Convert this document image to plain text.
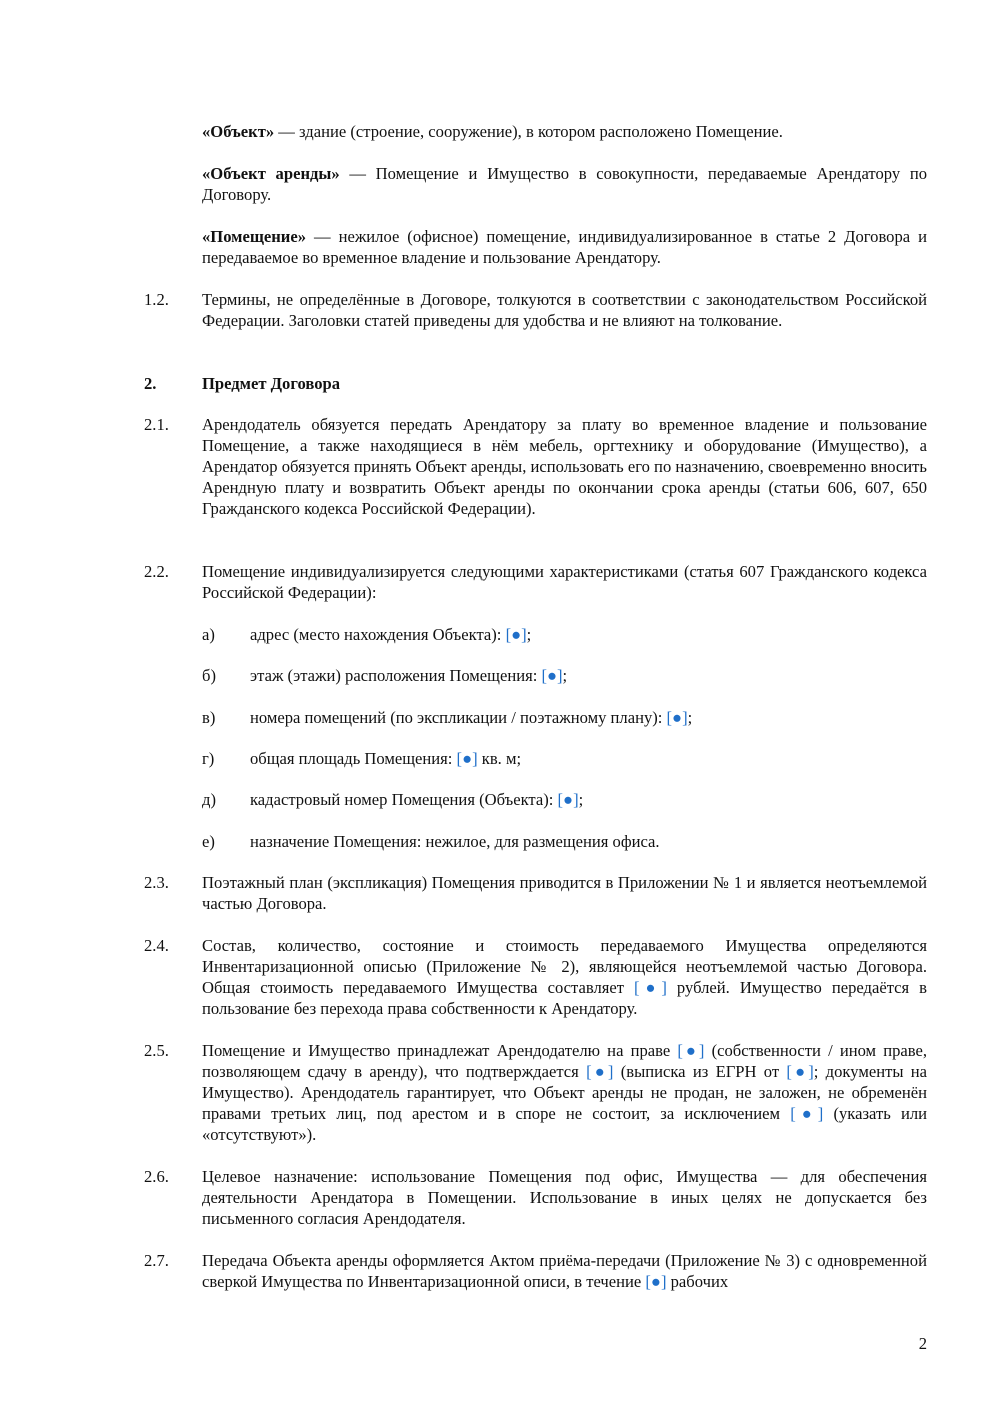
«Объект» — здание (строение, сооружение), в котором расположено Помещение.
«Объект аренды» — Помещение и Имущество в совокупности, передаваемые Арендатору по Договору.
«Помещение» — нежилое (офисное) помещение, индивидуализированное в статье 2 Договора и передаваемое во временное владение и пользование Арендатору.
1.2. Термины, не определённые в Договоре, толкуются в соответствии с законодательством Российской Федерации. Заголовки статей приведены для удобства и не влияют на толкование.
2.	Предмет Договора
2.1. Арендодатель обязуется передать Арендатору за плату во временное владение и пользование Помещение, а также находящиеся в нём мебель, оргтехнику и оборудование (Имущество), а Арендатор обязуется принять Объект аренды, использовать его по назначению, своевременно вносить Арендную плату и возвратить Объект аренды по окончании срока аренды (статьи 606, 607, 650 Гражданского кодекса Российской Федерации).
2.2. Помещение индивидуализируется следующими характеристиками (статья 607 Гражданского кодекса Российской Федерации):
а) адрес (место нахождения Объекта): [●];
б) этаж (этажи) расположения Помещения: [●];
в) номера помещений (по экспликации / поэтажному плану): [●];
г) общая площадь Помещения: [●] кв. м;
д) кадастровый номер Помещения (Объекта): [●];
е) назначение Помещения: нежилое, для размещения офиса.
2.3. Поэтажный план (экспликация) Помещения приводится в Приложении № 1 и является неотъемлемой частью Договора.
2.4. Состав, количество, состояние и стоимость передаваемого Имущества определяются Инвентаризационной описью (Приложение № 2), являющейся неотъемлемой частью Договора. Общая стоимость передаваемого Имущества составляет [●] рублей. Имущество передаётся в пользование без перехода права собственности к Арендатору.
2.5. Помещение и Имущество принадлежат Арендодателю на праве [●] (собственности / ином праве, позволяющем сдачу в аренду), что подтверждается [●] (выписка из ЕГРН от [●]; документы на Имущество). Арендодатель гарантирует, что Объект аренды не продан, не заложен, не обременён правами третьих лиц, под арестом и в споре не состоит, за исключением [●] (указать или «отсутствуют»).
2.6. Целевое назначение: использование Помещения под офис, Имущества — для обеспечения деятельности Арендатора в Помещении. Использование в иных целях не допускается без письменного согласия Арендодателя.
2.7. Передача Объекта аренды оформляется Актом приёма-передачи (Приложение № 3) с одновременной сверкой Имущества по Инвентаризационной описи, в течение [●] рабочих
2
